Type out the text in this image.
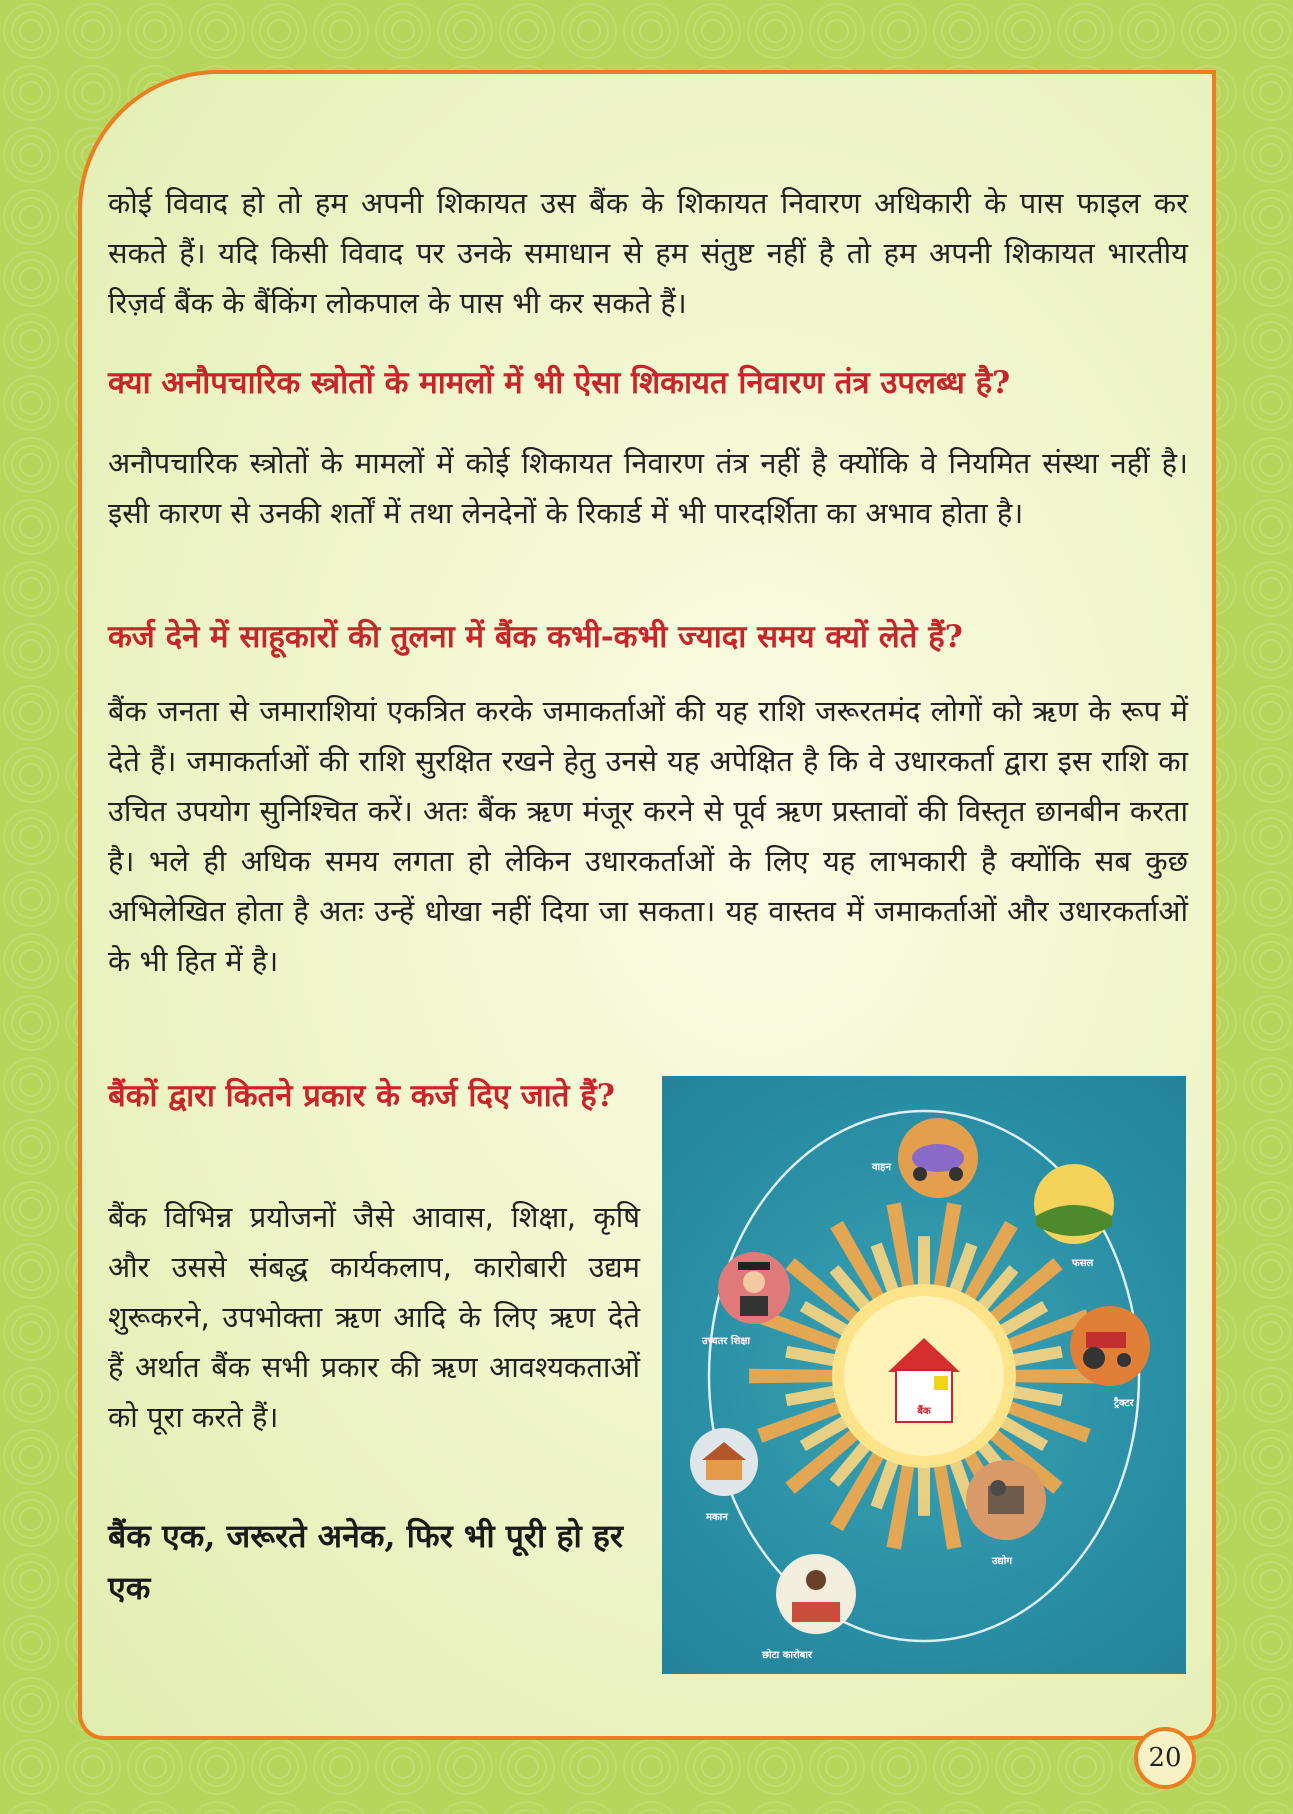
कोई विवाद हो तो हम अपनी शिकायत उस बैंक के शिकायत निवारण अधिकारी के पास फाइल कर सकते हैं। यदि किसी विवाद पर उनके समाधान से हम संतुष्ट नहीं है तो हम अपनी शिकायत भारतीय रिज़र्व बैंक के बैंकिंग लोकपाल के पास भी कर सकते हैं।
क्या अनौपचारिक स्त्रोतों के मामलों में भी ऐसा शिकायत निवारण तंत्र उपलब्ध है?
अनौपचारिक स्त्रोतों के मामलों में कोई शिकायत निवारण तंत्र नहीं है क्योंकि वे नियमित संस्था नहीं है। इसी कारण से उनकी शर्तों में तथा लेनदेनों के रिकार्ड में भी पारदर्शिता का अभाव होता है।
कर्ज देने में साहूकारों की तुलना में बैंक कभी-कभी ज्यादा समय क्यों लेते हैं?
बैंक जनता से जमाराशियां एकत्रित करके जमाकर्ताओं की यह राशि जरूरतमंद लोगों को ऋण के रूप में देते हैं। जमाकर्ताओं की राशि सुरक्षित रखने हेतु उनसे यह अपेक्षित है कि वे उधारकर्ता द्वारा इस राशि का उचित उपयोग सुनिश्चित करें। अतः बैंक ऋण मंजूर करने से पूर्व ऋण प्रस्तावों की विस्तृत छानबीन करता है। भले ही अधिक समय लगता हो लेकिन उधारकर्ताओं के लिए यह लाभकारी है क्योंकि सब कुछ अभिलेखित होता है अतः उन्हें धोखा नहीं दिया जा सकता। यह वास्तव में जमाकर्ताओं और उधारकर्ताओं के भी हित में है।
बैंकों द्वारा कितने प्रकार के कर्ज दिए जाते हैं?
बैंक विभिन्न प्रयोजनों जैसे आवास, शिक्षा, कृषि और उससे संबद्ध कार्यकलाप, कारोबारी उद्यम शुरूकरने, उपभोक्ता ऋण आदि के लिए ऋण देते हैं अर्थात बैंक सभी प्रकार की ऋण आवश्यकताओं को पूरा करते हैं।
बैंक एक, जरूरते अनेक, फिर भी पूरी हो हर एक
बैंक
वाहन
फसल
ट्रैक्टर
उद्योग
छोटा कारोबार
मकान
उच्चतर शिक्षा
20
